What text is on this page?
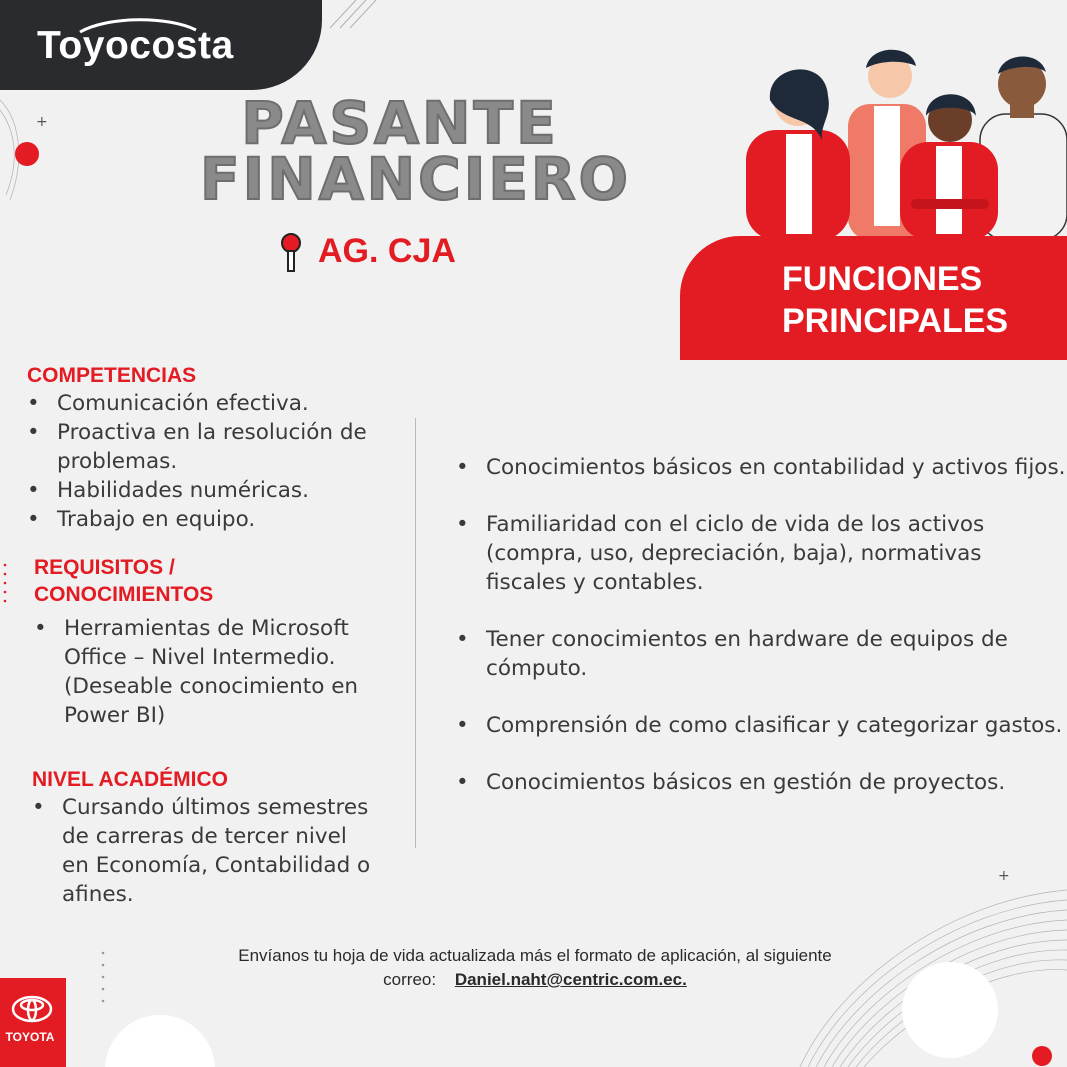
+
+
Toyocosta
PASANTE
FINANCIERO
AG. CJA
FUNCIONES
PRINCIPALES
COMPETENCIAS
• Comunicación efectiva.
• Proactiva en la resolución de problemas.
• Habilidades numéricas.
• Trabajo en equipo.
REQUISITOS /
CONOCIMIENTOS
• Herramientas de Microsoft Office – Nivel Intermedio. (Deseable conocimiento en Power BI)
NIVEL ACADÉMICO
• Cursando últimos semestres de carreras de tercer nivel en Economía, Contabilidad o afines.
• Conocimientos básicos en contabilidad y activos fijos.
• Familiaridad con el ciclo de vida de los activos (compra, uso, depreciación, baja), normativas fiscales y contables.
• Tener conocimientos en hardware de equipos de cómputo.
• Comprensión de como clasificar y categorizar gastos.
• Conocimientos básicos en gestión de proyectos.
Envíanos tu hoja de vida actualizada más el formato de aplicación, al siguiente
correo: Daniel.naht@centric.com.ec.
TOYOTA
